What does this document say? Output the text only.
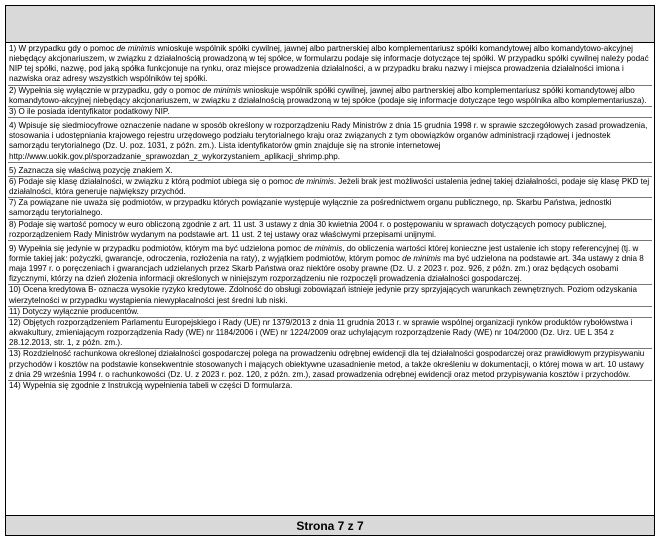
1) W przypadku gdy o pomoc de minimis wnioskuje wspólnik spółki cywilnej, jawnej albo partnerskiej albo komplementariusz spółki komandytowej albo komandytowo-akcyjnej niebędący akcjonariuszem, w związku z działalnością prowadzoną w tej spółce, w formularzu podaje się informacje dotyczące tej spółki. W przypadku spółki cywilnej należy podać NIP tej spółki, nazwę, pod jaką spółka funkcjonuje na rynku, oraz miejsce prowadzenia działalności, a w przypadku braku nazwy i miejsca prowadzenia działalności imiona i nazwiska oraz adresy wszystkich wspólników tej spółki.

2) Wypełnia się wyłącznie w przypadku, gdy o pomoc de minimis wnioskuje wspólnik spółki cywilnej, jawnej albo partnerskiej albo komplementariusz spółki komandytowej albo komandytowo-akcyjnej niebędący akcjonariuszem, w związku z działalnością prowadzoną w tej spółce (podaje się informacje dotyczące tego wspólnika albo komplementariusza).

3) O ile posiada identyfikator podatkowy NIP.

4) Wpisuje się siedmiocyfrowe oznaczenie nadane w sposób określony w rozporządzeniu Rady Ministrów z dnia 15 grudnia 1998 r. w sprawie szczegółowych zasad prowadzenia, stosowania i udostępniania krajowego rejestru urzędowego podziału terytorialnego kraju oraz związanych z tym obowiązków organów administracji rządowej i jednostek samorządu terytorialnego (Dz. U. poz. 1031, z późn. zm.). Lista identyfikatorów gmin znajduje się na stronie internetowej http://www.uokik.gov.pl/sporzadzanie_sprawozdan_z_wykorzystaniem_aplikacji_shrimp.php.

5) Zaznacza się właściwą pozycję znakiem X.

6) Podaje się klasę działalności, w związku z którą podmiot ubiega się o pomoc de minimis. Jeżeli brak jest możliwości ustalenia jednej takiej działalności, podaje się klasę PKD tej działalności, która generuje największy przychód.

7) Za powiązane nie uważa się podmiotów, w przypadku których powiązanie występuje wyłącznie za pośrednictwem organu publicznego, np. Skarbu Państwa, jednostki samorządu terytorialnego.

8) Podaje się wartość pomocy w euro obliczoną zgodnie z art. 11 ust. 3 ustawy z dnia 30 kwietnia 2004 r. o postępowaniu w sprawach dotyczących pomocy publicznej, rozporządzeniem Rady Ministrów wydanym na podstawie art. 11 ust. 2 tej ustawy oraz właściwymi przepisami unijnymi.

9) Wypełnia się jedynie w przypadku podmiotów, którym ma być udzielona pomoc de minimis, do obliczenia wartości której konieczne jest ustalenie ich stopy referencyjnej (tj. w formie takiej jak: pożyczki, gwarancje, odroczenia, rozłożenia na raty), z wyjątkiem podmiotów, którym pomoc de minimis ma być udzielona na podstawie art. 34a ustawy z dnia 8 maja 1997 r. o poręczeniach i gwarancjach udzielanych przez Skarb Państwa oraz niektóre osoby prawne (Dz. U. z 2023 r. poz. 926, z późn. zm.) oraz będących osobami fizycznymi, którzy na dzień złożenia informacji określonych w niniejszym rozporządzeniu nie rozpoczęli prowadzenia działalności gospodarczej.

10) Ocena kredytowa B- oznacza wysokie ryzyko kredytowe. Zdolność do obsługi zobowiązań istnieje jedynie przy sprzyjających warunkach zewnętrznych. Poziom odzyskania wierzytelności w przypadku wystąpienia niewypłacalności jest średni lub niski.

11) Dotyczy wyłącznie producentów.

12) Objętych rozporządzeniem Parlamentu Europejskiego i Rady (UE) nr 1379/2013 z dnia 11 grudnia 2013 r. w sprawie wspólnej organizacji rynków produktów rybołówstwa i akwakultury, zmieniającym rozporządzenia Rady (WE) nr 1184/2006 i (WE) nr 1224/2009 oraz uchylającym rozporządzenie Rady (WE) nr 104/2000 (Dz. Urz. UE L 354 z 28.12.2013, str. 1, z późn. zm.).

13) Rozdzielność rachunkowa określonej działalności gospodarczej polega na prowadzeniu odrębnej ewidencji dla tej działalności gospodarczej oraz prawidłowym przypisywaniu przychodów i kosztów na podstawie konsekwentnie stosowanych i mających obiektywne uzasadnienie metod, a także określeniu w dokumentacji, o której mowa w art. 10 ustawy z dnia 29 września 1994 r. o rachunkowości (Dz. U. z 2023 r. poz. 120, z późn. zm.), zasad prowadzenia odrębnej ewidencji oraz metod przypisywania kosztów i przychodów.

14) Wypełnia się zgodnie z Instrukcją wypełnienia tabeli w części D formularza.

Strona 7 z 7
